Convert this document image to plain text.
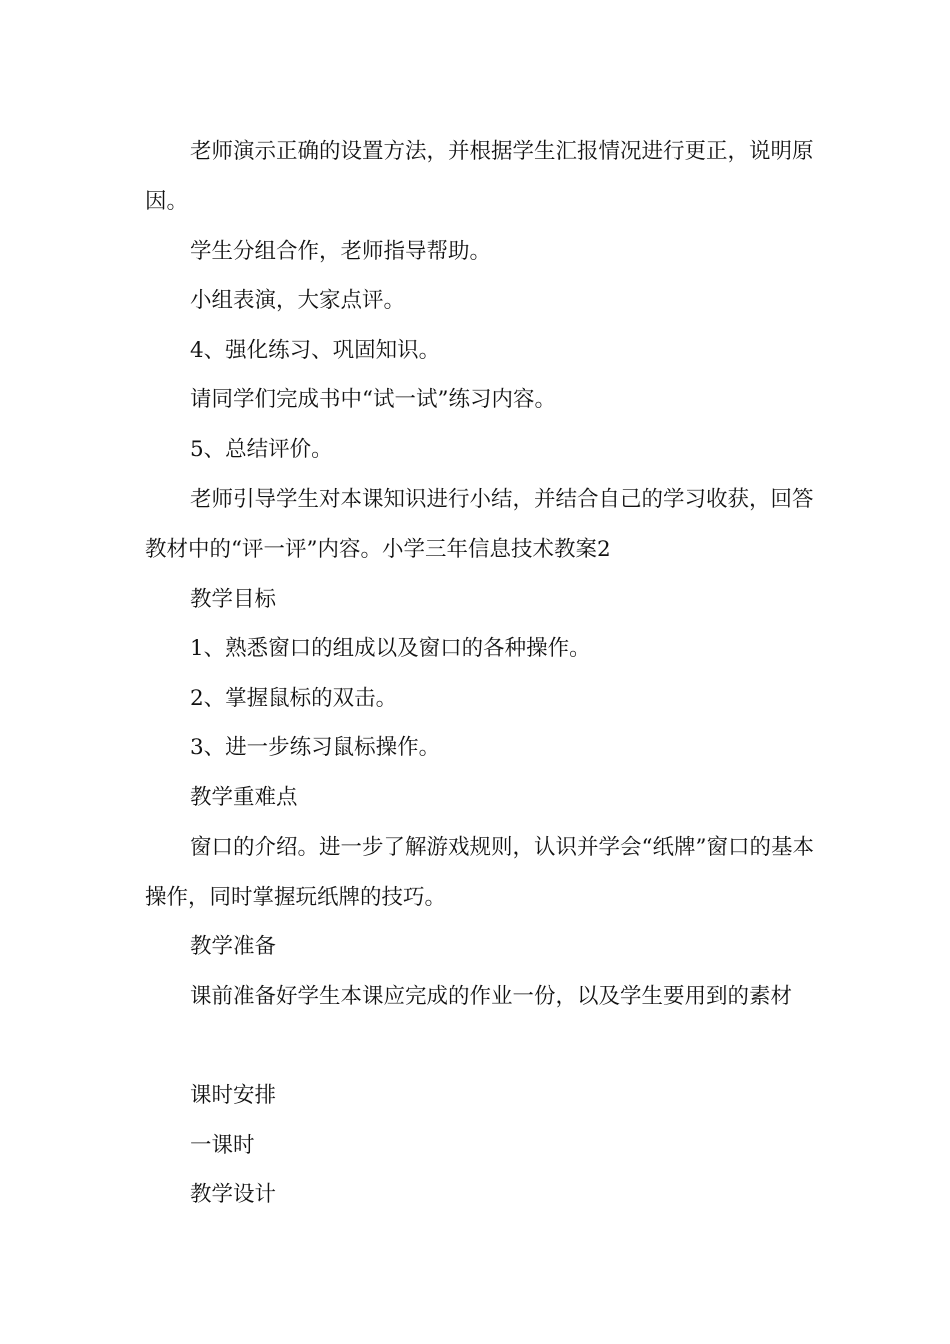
老师演示正确的设置方法，并根据学生汇报情况进行更正，说明原因。

学生分组合作，老师指导帮助。

小组表演，大家点评。

4、强化练习、巩固知识。

请同学们完成书中“试一试”练习内容。

5、总结评价。

老师引导学生对本课知识进行小结，并结合自己的学习收获，回答教材中的“评一评”内容。小学三年信息技术教案2

教学目标

1、熟悉窗口的组成以及窗口的各种操作。

2、掌握鼠标的双击。

3、进一步练习鼠标操作。

教学重难点

窗口的介绍。进一步了解游戏规则，认识并学会“纸牌”窗口的基本操作，同时掌握玩纸牌的技巧。

教学准备

课前准备好学生本课应完成的作业一份，以及学生要用到的素材

课时安排

一课时

教学设计
